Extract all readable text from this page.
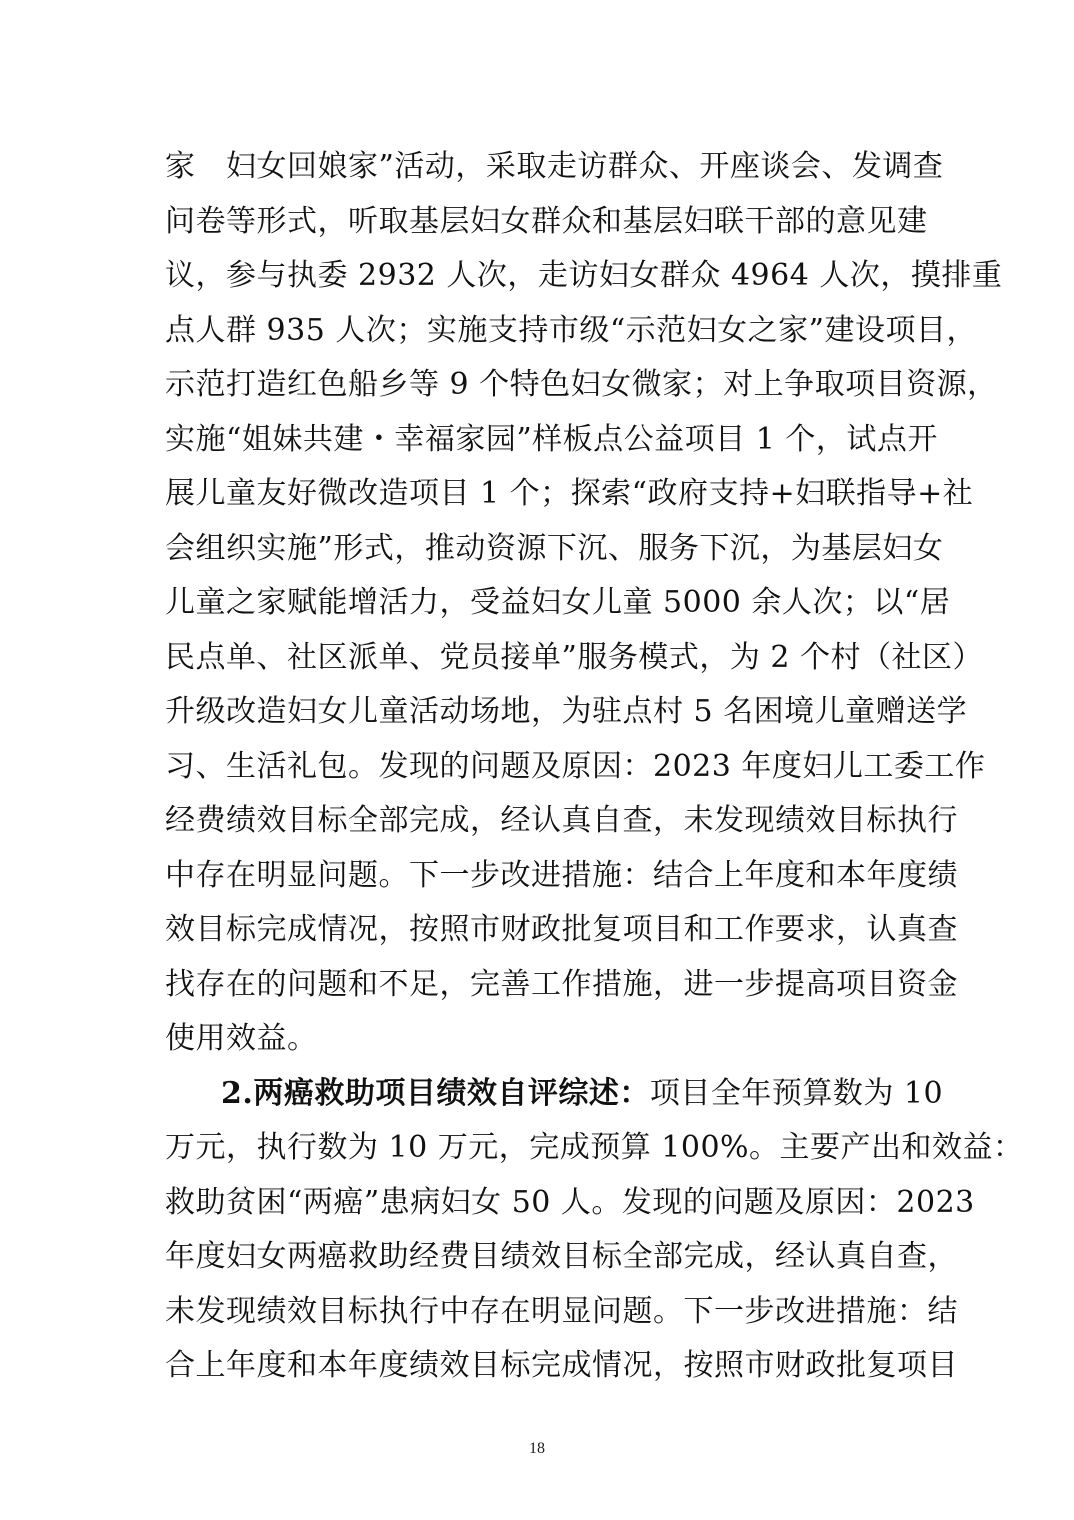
家　妇女回娘家”活动，采取走访群众、开座谈会、发调查
问卷等形式，听取基层妇女群众和基层妇联干部的意见建
议，参与执委 2932 人次，走访妇女群众 4964 人次，摸排重
点人群 935 人次；实施支持市级“示范妇女之家”建设项目，
示范打造红色船乡等 9 个特色妇女微家；对上争取项目资源，
实施“姐妹共建・幸福家园”样板点公益项目 1 个，试点开
展儿童友好微改造项目 1 个；探索“政府支持+妇联指导+社
会组织实施”形式，推动资源下沉、服务下沉，为基层妇女
儿童之家赋能增活力，受益妇女儿童 5000 余人次；以“居
民点单、社区派单、党员接单”服务模式，为 2 个村（社区）
升级改造妇女儿童活动场地，为驻点村 5 名困境儿童赠送学
习、生活礼包。发现的问题及原因：2023 年度妇儿工委工作
经费绩效目标全部完成，经认真自查，未发现绩效目标执行
中存在明显问题。下一步改进措施：结合上年度和本年度绩
效目标完成情况，按照市财政批复项目和工作要求，认真查
找存在的问题和不足，完善工作措施，进一步提高项目资金
使用效益。
2.两癌救助项目绩效自评综述：项目全年预算数为 10
万元，执行数为 10 万元，完成预算 100%。主要产出和效益：
救助贫困“两癌”患病妇女 50 人。发现的问题及原因：2023
年度妇女两癌救助经费目绩效目标全部完成，经认真自查，
未发现绩效目标执行中存在明显问题。下一步改进措施：结
合上年度和本年度绩效目标完成情况，按照市财政批复项目
18
